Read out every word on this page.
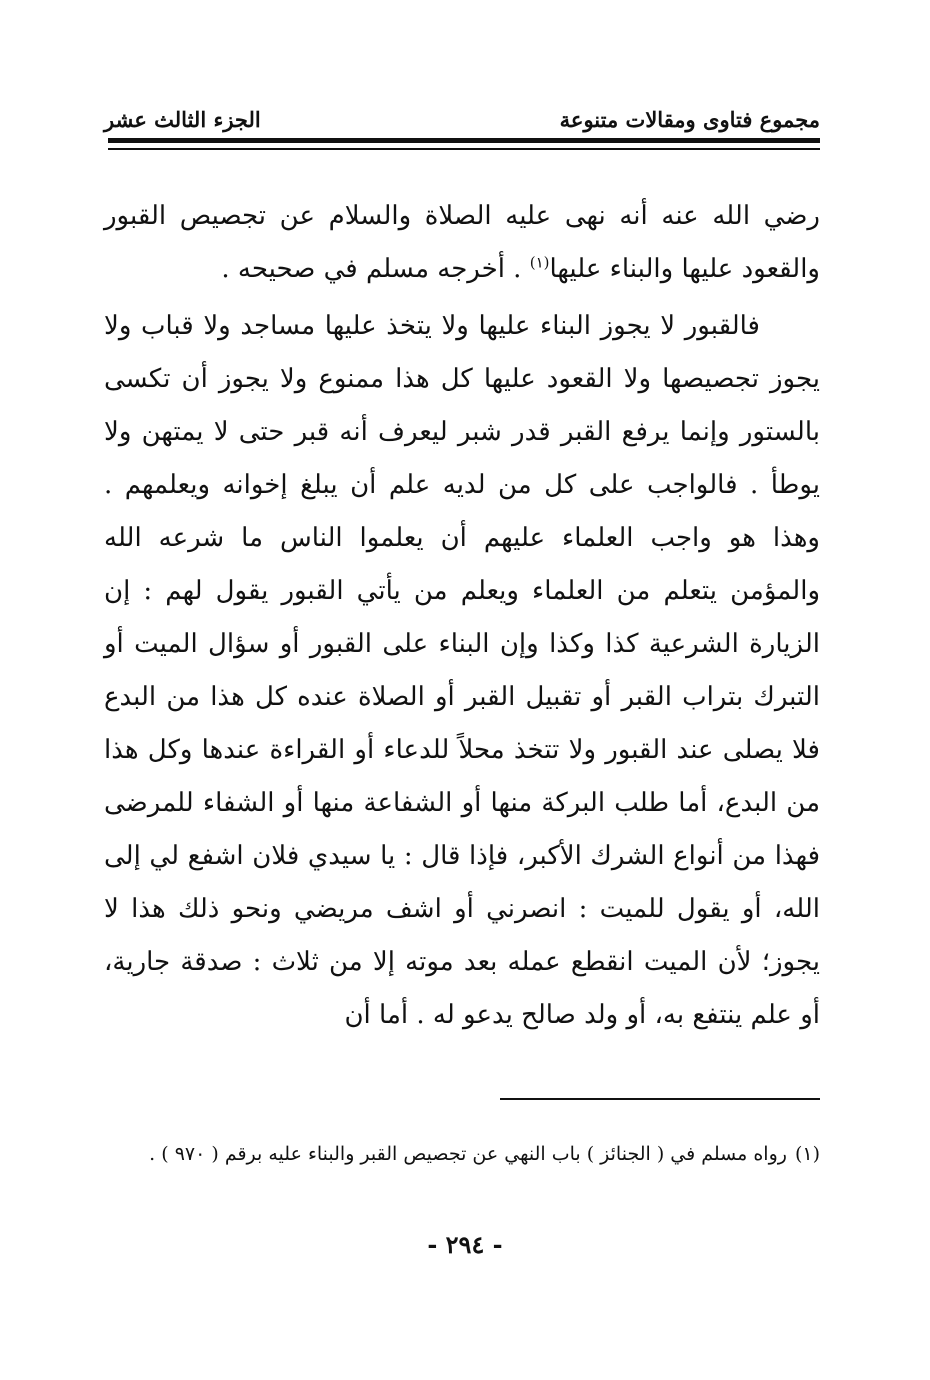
مجموع فتاوى ومقالات متنوعة
الجزء الثالث عشر

رضي الله عنه أنه نهى عليه الصلاة والسلام عن تجصيص القبور والقعود عليها والبناء عليها$^{(١)}$ . أخرجه مسلم في صحيحه .

فالقبور لا يجوز البناء عليها ولا يتخذ عليها مساجد ولا قباب ولا يجوز تجصيصها ولا القعود عليها كل هذا ممنوع ولا يجوز أن تكسى بالستور وإنما يرفع القبر قدر شبر ليعرف أنه قبر حتى لا يمتهن ولا يوطأ . فالواجب على كل من لديه علم أن يبلغ إخوانه ويعلمهم . وهذا هو واجب العلماء عليهم أن يعلموا الناس ما شرعه الله والمؤمن يتعلم من العلماء ويعلم من يأتي القبور يقول لهم : إن الزيارة الشرعية كذا وكذا وإن البناء على القبور أو سؤال الميت أو التبرك بتراب القبر أو تقبيل القبر أو الصلاة عنده كل هذا من البدع فلا يصلى عند القبور ولا تتخذ محلاً للدعاء أو القراءة عندها وكل هذا من البدع، أما طلب البركة منها أو الشفاعة منها أو الشفاء للمرضى فهذا من أنواع الشرك الأكبر، فإذا قال : يا سيدي فلان اشفع لي إلى الله، أو يقول للميت : انصرني أو اشف مريضي ونحو ذلك هذا لا يجوز؛ لأن الميت انقطع عمله بعد موته إلا من ثلاث : صدقة جارية، أو علم ينتفع به، أو ولد صالح يدعو له . أما أن

(١)
رواه مسلم في ( الجنائز ) باب النهي عن تجصيص القبر والبناء عليه برقم ( ٩٧٠ ) .
- ٢٩٤ -
